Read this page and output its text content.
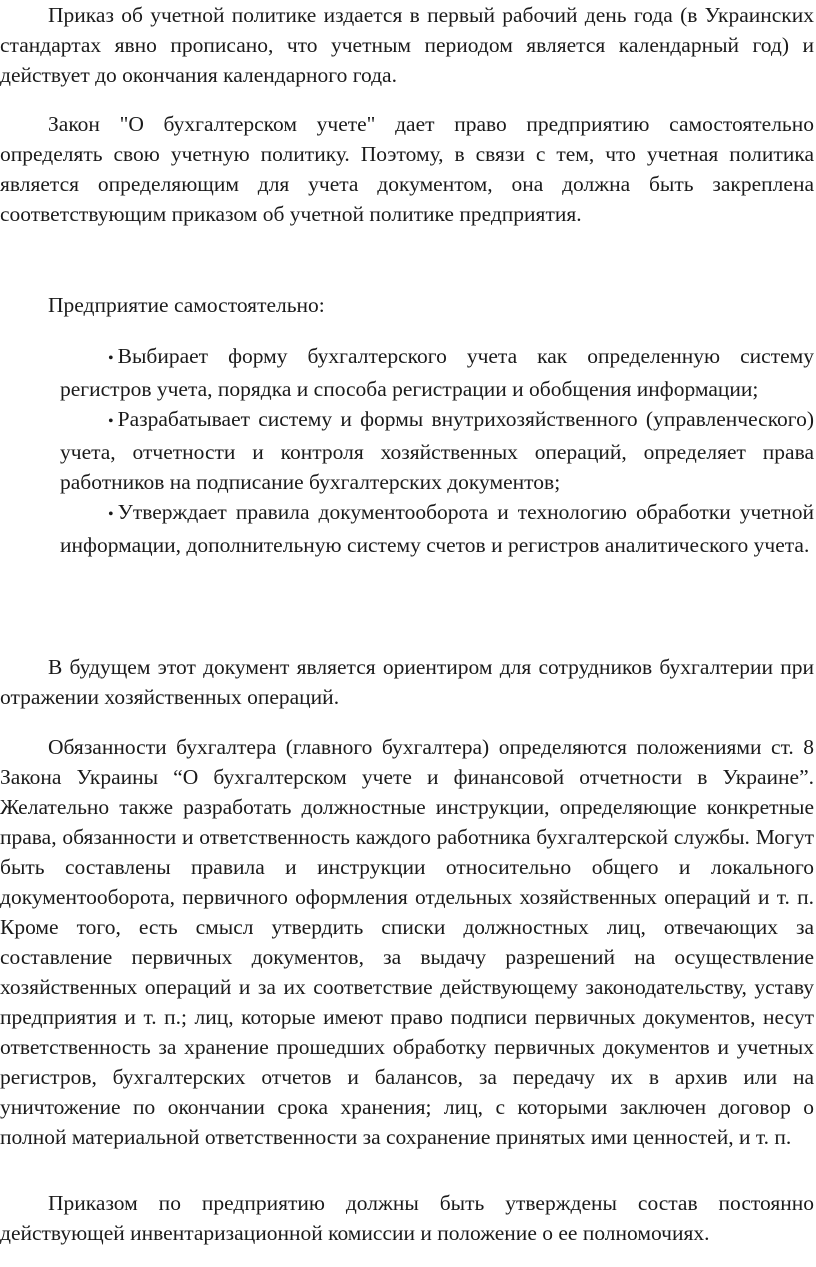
Приказ об учетной политике издается в первый рабочий день года (в Украинских стандартах явно прописано, что учетным периодом является календарный год) и действует до окончания календарного года.

Закон "О бухгалтерском учете" дает право предприятию самостоятельно определять свою учетную политику. Поэтому, в связи с тем, что учетная политика является определяющим для учета документом, она должна быть закреплена соответствующим приказом об учетной политике предприятия.

Предприятие самостоятельно:

• Выбирает форму бухгалтерского учета как определенную систему регистров учета, порядка и способа регистрации и обобщения информации;
• Разрабатывает систему и формы внутрихозяйственного (управленческого) учета, отчетности и контроля хозяйственных операций, определяет права работников на подписание бухгалтерских документов;
• Утверждает правила документооборота и технологию обработки учетной информации, дополнительную систему счетов и регистров аналитического учета.

В будущем этот документ является ориентиром для сотрудников бухгалтерии при отражении хозяйственных операций.

Обязанности бухгалтера (главного бухгалтера) определяются положениями ст. 8 Закона Украины “О бухгалтерском учете и финансовой отчетности в Украине”. Желательно также разработать должностные инструкции, определяющие конкретные права, обязанности и ответственность каждого работника бухгалтерской службы. Могут быть составлены правила и инструкции относительно общего и локального документооборота, первичного оформления отдельных хозяйственных операций и т. п. Кроме того, есть смысл утвердить списки должностных лиц, отвечающих за составление первичных документов, за выдачу разрешений на осуществление хозяйственных операций и за их соответствие действующему законодательству, уставу предприятия и т. п.; лиц, которые имеют право подписи первичных документов, несут ответственность за хранение прошедших обработку первичных документов и учетных регистров, бухгалтерских отчетов и балансов, за передачу их в архив или на уничтожение по окончании срока хранения; лиц, с которыми заключен договор о полной материальной ответственности за сохранение принятых ими ценностей, и т. п.

Приказом по предприятию должны быть утверждены состав постоянно действующей инвентаризационной комиссии и положение о ее полномочиях.
